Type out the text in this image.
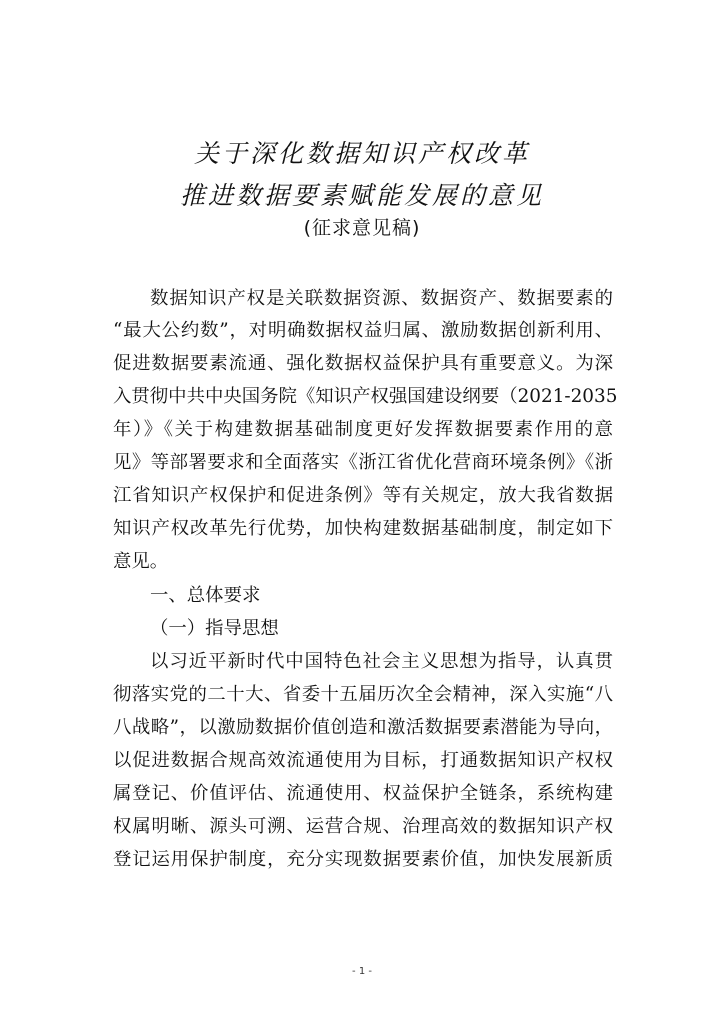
关于深化数据知识产权改革
推进数据要素赋能发展的意见
(征求意见稿)
数据知识产权是关联数据资源、数据资产、数据要素的
“最大公约数”，对明确数据权益归属、激励数据创新利用、
促进数据要素流通、强化数据权益保护具有重要意义。为深
入贯彻中共中央国务院《知识产权强国建设纲要（2021-2035
年）》《关于构建数据基础制度更好发挥数据要素作用的意
见》等部署要求和全面落实《浙江省优化营商环境条例》《浙
江省知识产权保护和促进条例》等有关规定，放大我省数据
知识产权改革先行优势，加快构建数据基础制度，制定如下
意见。
一、总体要求
（一）指导思想
以习近平新时代中国特色社会主义思想为指导，认真贯
彻落实党的二十大、省委十五届历次全会精神，深入实施“八
八战略”，以激励数据价值创造和激活数据要素潜能为导向，
以促进数据合规高效流通使用为目标，打通数据知识产权权
属登记、价值评估、流通使用、权益保护全链条，系统构建
权属明晰、源头可溯、运营合规、治理高效的数据知识产权
登记运用保护制度，充分实现数据要素价值，加快发展新质
- 1 -
